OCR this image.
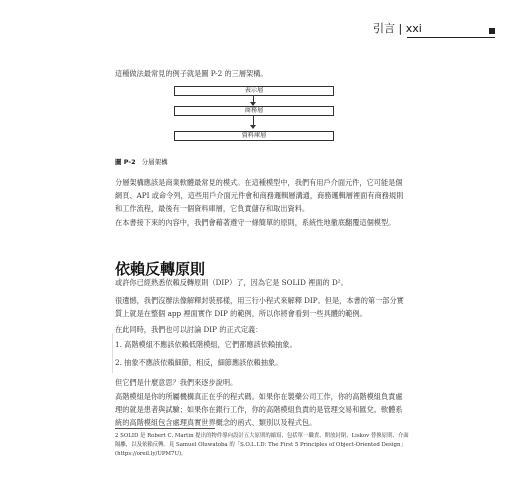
引言 | xxi
這種做法最常見的例子就是圖 P-2 的三層架構。
表示層
商務層
資料庫層
圖 P-2 分層架構
分層架構應該是商業軟體最常見的模式。在這種模型中，我們有用戶介面元件，它可能是個網頁、API 或命令列，這些用戶介面元件會和商務邏輯層溝通，商務邏輯層裡面有商務規則和工作流程，最後有一個資料庫層，它負責儲存和取出資料。
在本書接下來的內容中，我們會藉著遵守一條簡單的原則，系統性地徹底翻覆這個模型。
依賴反轉原則
或許你已經熟悉依賴反轉原則（DIP）了，因為它是 SOLID 裡面的 D²。
很遺憾，我們沒辦法像解釋封裝那樣，用三行小程式來解釋 DIP。但是，本書的第一部分實質上就是在整個 app 裡面實作 DIP 的範例，所以你將會看到一些具體的範例。
在此同時，我們也可以討論 DIP 的正式定義：
1. 高階模組不應該依賴低階模組，它們都應該依賴抽象。
2. 抽象不應該依賴細節，相反，細節應該依賴抽象。
但它們是什麼意思？我們來逐步說明。
高階模組是你的所屬機構真正在乎的程式碼。如果你在製藥公司工作，你的高階模組負責處理的就是患者與試驗；如果你在銀行工作，你的高階模組負責的是管理交易和匯兌。軟體系統的高階模組包含處理真實世界概念的函式、類別以及程式包。
2 SOLID 是 Robert C. Martin 提出的物件導向設計五大原則的縮寫，包括單一職責、開放封閉、Liskov 替換原則、介面隔離，以及依賴反轉。見 Samuel Oluwatoba 的「S.O.L.I.D: The First 5 Principles of Object-Oriented Design」(https://oreil.ly/UPM7U)。
